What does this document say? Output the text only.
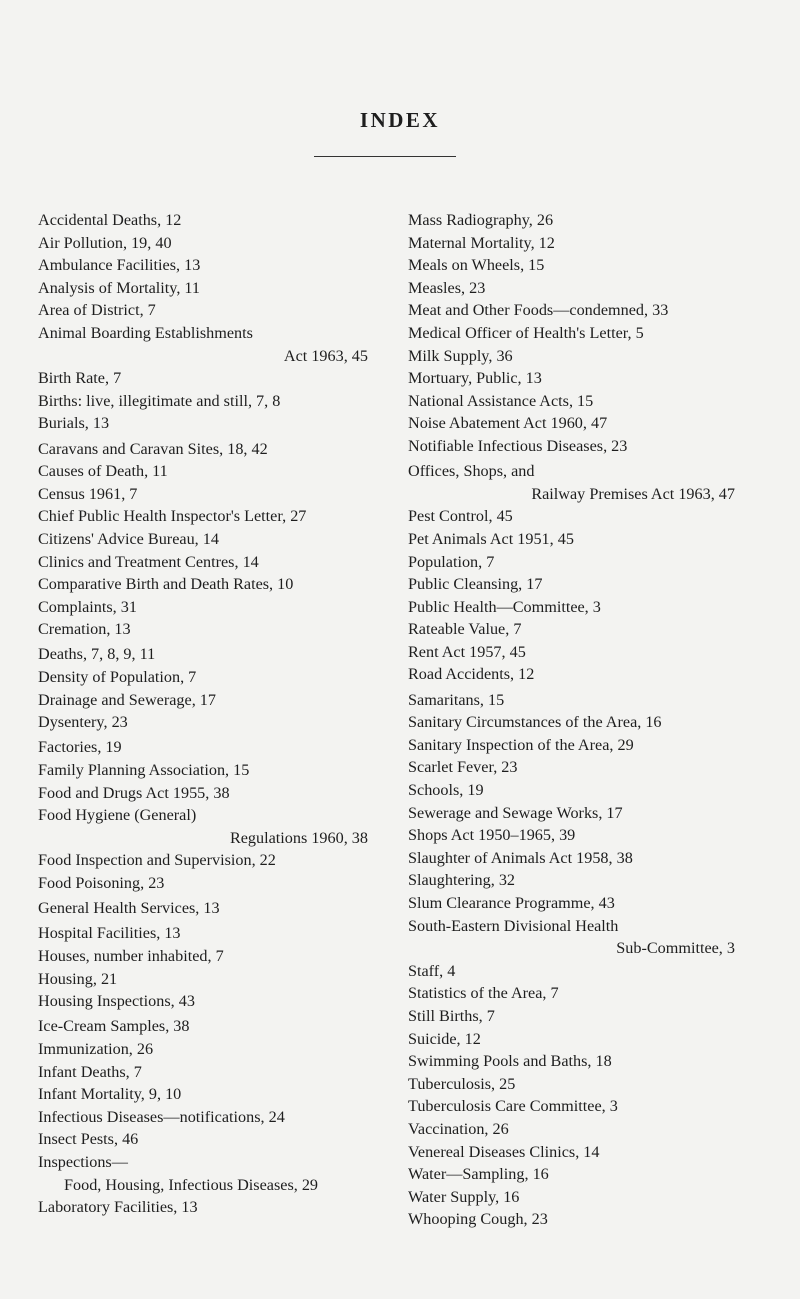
INDEX
Accidental Deaths, 12
Air Pollution, 19, 40
Ambulance Facilities, 13
Analysis of Mortality, 11
Area of District, 7
Animal Boarding Establishments
Act 1963, 45
Birth Rate, 7
Births: live, illegitimate and still, 7, 8
Burials, 13
Caravans and Caravan Sites, 18, 42
Causes of Death, 11
Census 1961, 7
Chief Public Health Inspector's Letter, 27
Citizens' Advice Bureau, 14
Clinics and Treatment Centres, 14
Comparative Birth and Death Rates, 10
Complaints, 31
Cremation, 13
Deaths, 7, 8, 9, 11
Density of Population, 7
Drainage and Sewerage, 17
Dysentery, 23
Factories, 19
Family Planning Association, 15
Food and Drugs Act 1955, 38
Food Hygiene (General)
Regulations 1960, 38
Food Inspection and Supervision, 22
Food Poisoning, 23
General Health Services, 13
Hospital Facilities, 13
Houses, number inhabited, 7
Housing, 21
Housing Inspections, 43
Ice-Cream Samples, 38
Immunization, 26
Infant Deaths, 7
Infant Mortality, 9, 10
Infectious Diseases—notifications, 24
Insect Pests, 46
Inspections—
Food, Housing, Infectious Diseases, 29
Laboratory Facilities, 13
Mass Radiography, 26
Maternal Mortality, 12
Meals on Wheels, 15
Measles, 23
Meat and Other Foods—condemned, 33
Medical Officer of Health's Letter, 5
Milk Supply, 36
Mortuary, Public, 13
National Assistance Acts, 15
Noise Abatement Act 1960, 47
Notifiable Infectious Diseases, 23
Offices, Shops, and
Railway Premises Act 1963, 47
Pest Control, 45
Pet Animals Act 1951, 45
Population, 7
Public Cleansing, 17
Public Health—Committee, 3
Rateable Value, 7
Rent Act 1957, 45
Road Accidents, 12
Samaritans, 15
Sanitary Circumstances of the Area, 16
Sanitary Inspection of the Area, 29
Scarlet Fever, 23
Schools, 19
Sewerage and Sewage Works, 17
Shops Act 1950–1965, 39
Slaughter of Animals Act 1958, 38
Slaughtering, 32
Slum Clearance Programme, 43
South-Eastern Divisional Health
Sub-Committee, 3
Staff, 4
Statistics of the Area, 7
Still Births, 7
Suicide, 12
Swimming Pools and Baths, 18
Tuberculosis, 25
Tuberculosis Care Committee, 3
Vaccination, 26
Venereal Diseases Clinics, 14
Water—Sampling, 16
Water Supply, 16
Whooping Cough, 23
